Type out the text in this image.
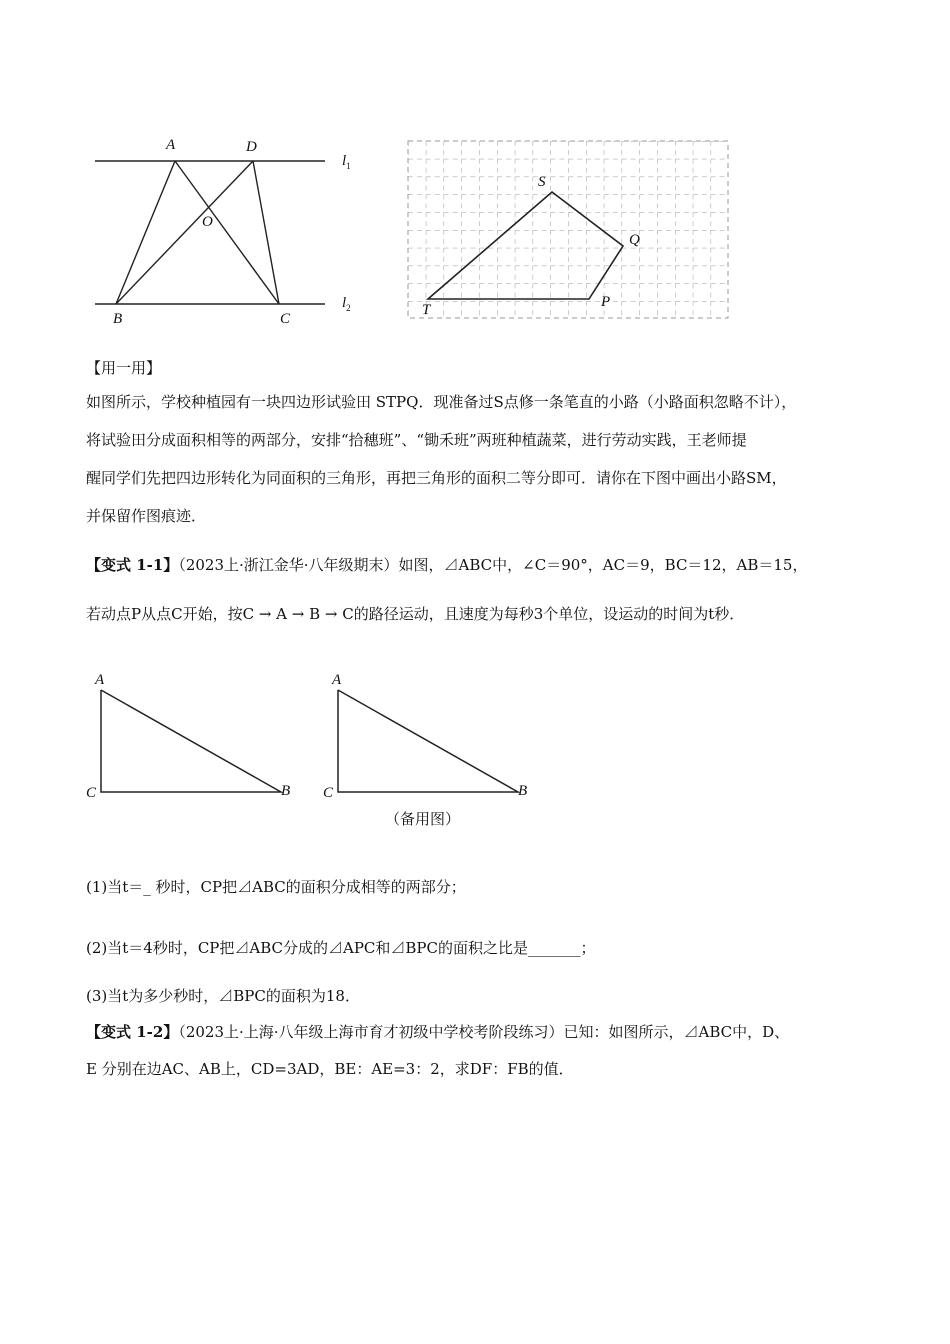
A	D
O
B	C
$l_1$
$l_2$
S
Q
T	P
【用一用】
如图所示，学校种植园有一块四边形试验田 STPQ．现准备过S点修一条笔直的小路（小路面积忽略不计），
将试验田分成面积相等的两部分，安排“拾穗班”、“锄禾班”两班种植蔬菜，进行劳动实践，王老师提
醒同学们先把四边形转化为同面积的三角形，再把三角形的面积二等分即可．请你在下图中画出小路SM，
并保留作图痕迹．
【变式 1-1】（2023上·浙江金华·八年级期末）如图，⊿ABC中，∠C＝90°，AC＝9，BC＝12，AB＝15，
若动点P从点C开始，按C → A → B → C的路径运动，且速度为每秒3个单位，设运动的时间为t秒．
A
C	B
A
C	B
（备用图）
(1)当t＝_ 秒时，CP把⊿ABC的面积分成相等的两部分；
(2)当t＝4秒时，CP把⊿ABC分成的⊿APC和⊿BPC的面积之比是_______；
(3)当t为多少秒时，⊿BPC的面积为18．
【变式 1-2】（2023上·上海·八年级上海市育才初级中学校考阶段练习）已知：如图所示，⊿ABC中，D、
E 分别在边AC、AB上，CD=3AD，BE：AE=3：2，求DF：FB的值．
